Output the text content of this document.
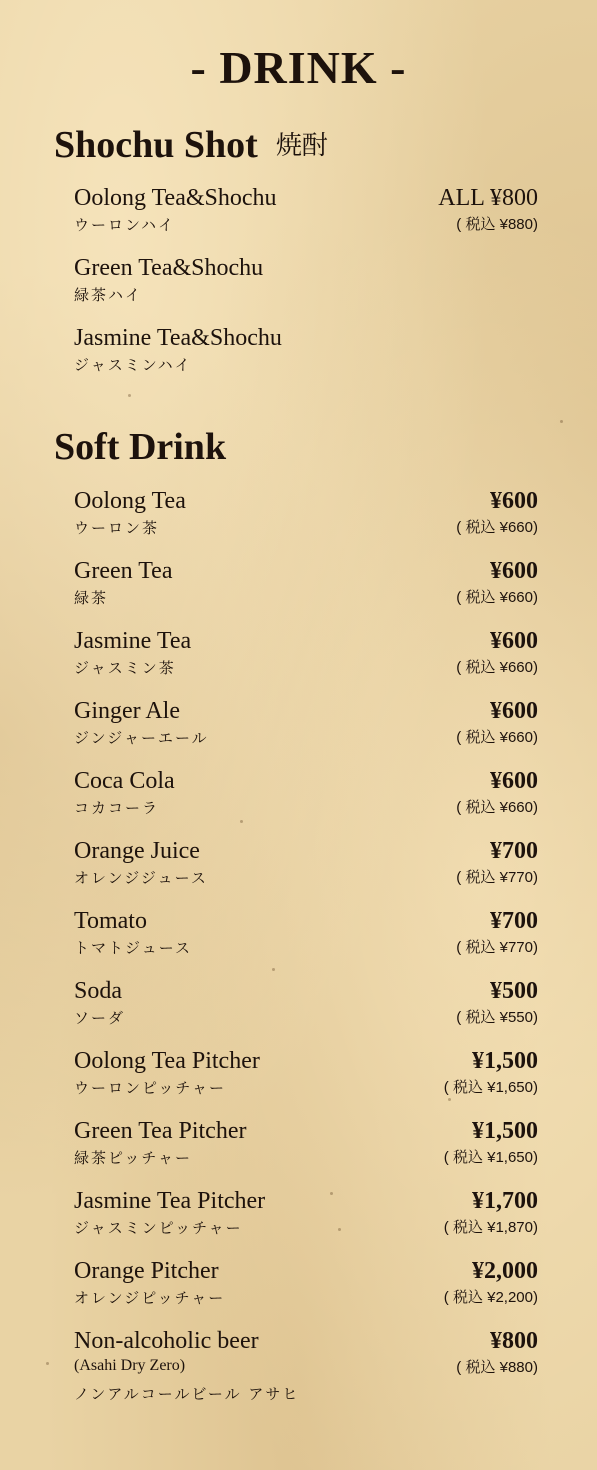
- DRINK -
Shochu Shot 焼酎
Oolong Tea&Shochu
ウーロンハイ
ALL ¥800
( 税込 ¥880)
Green Tea&Shochu
緑茶ハイ
Jasmine Tea&Shochu
ジャスミンハイ
Soft Drink
Oolong Tea
ウーロン茶
¥600
( 税込 ¥660)
Green Tea
緑茶
¥600
( 税込 ¥660)
Jasmine Tea
ジャスミン茶
¥600
( 税込 ¥660)
Ginger Ale
ジンジャーエール
¥600
( 税込 ¥660)
Coca Cola
コカコーラ
¥600
( 税込 ¥660)
Orange Juice
オレンジジュース
¥700
( 税込 ¥770)
Tomato
トマトジュース
¥700
( 税込 ¥770)
Soda
ソーダ
¥500
( 税込 ¥550)
Oolong Tea Pitcher
ウーロンピッチャー
¥1,500
( 税込 ¥1,650)
Green Tea Pitcher
緑茶ピッチャー
¥1,500
( 税込 ¥1,650)
Jasmine Tea Pitcher
ジャスミンピッチャー
¥1,700
( 税込 ¥1,870)
Orange Pitcher
オレンジピッチャー
¥2,000
( 税込 ¥2,200)
Non-alcoholic beer
(Asahi Dry Zero)
ノンアルコールビール アサヒ
¥800
( 税込 ¥880)
